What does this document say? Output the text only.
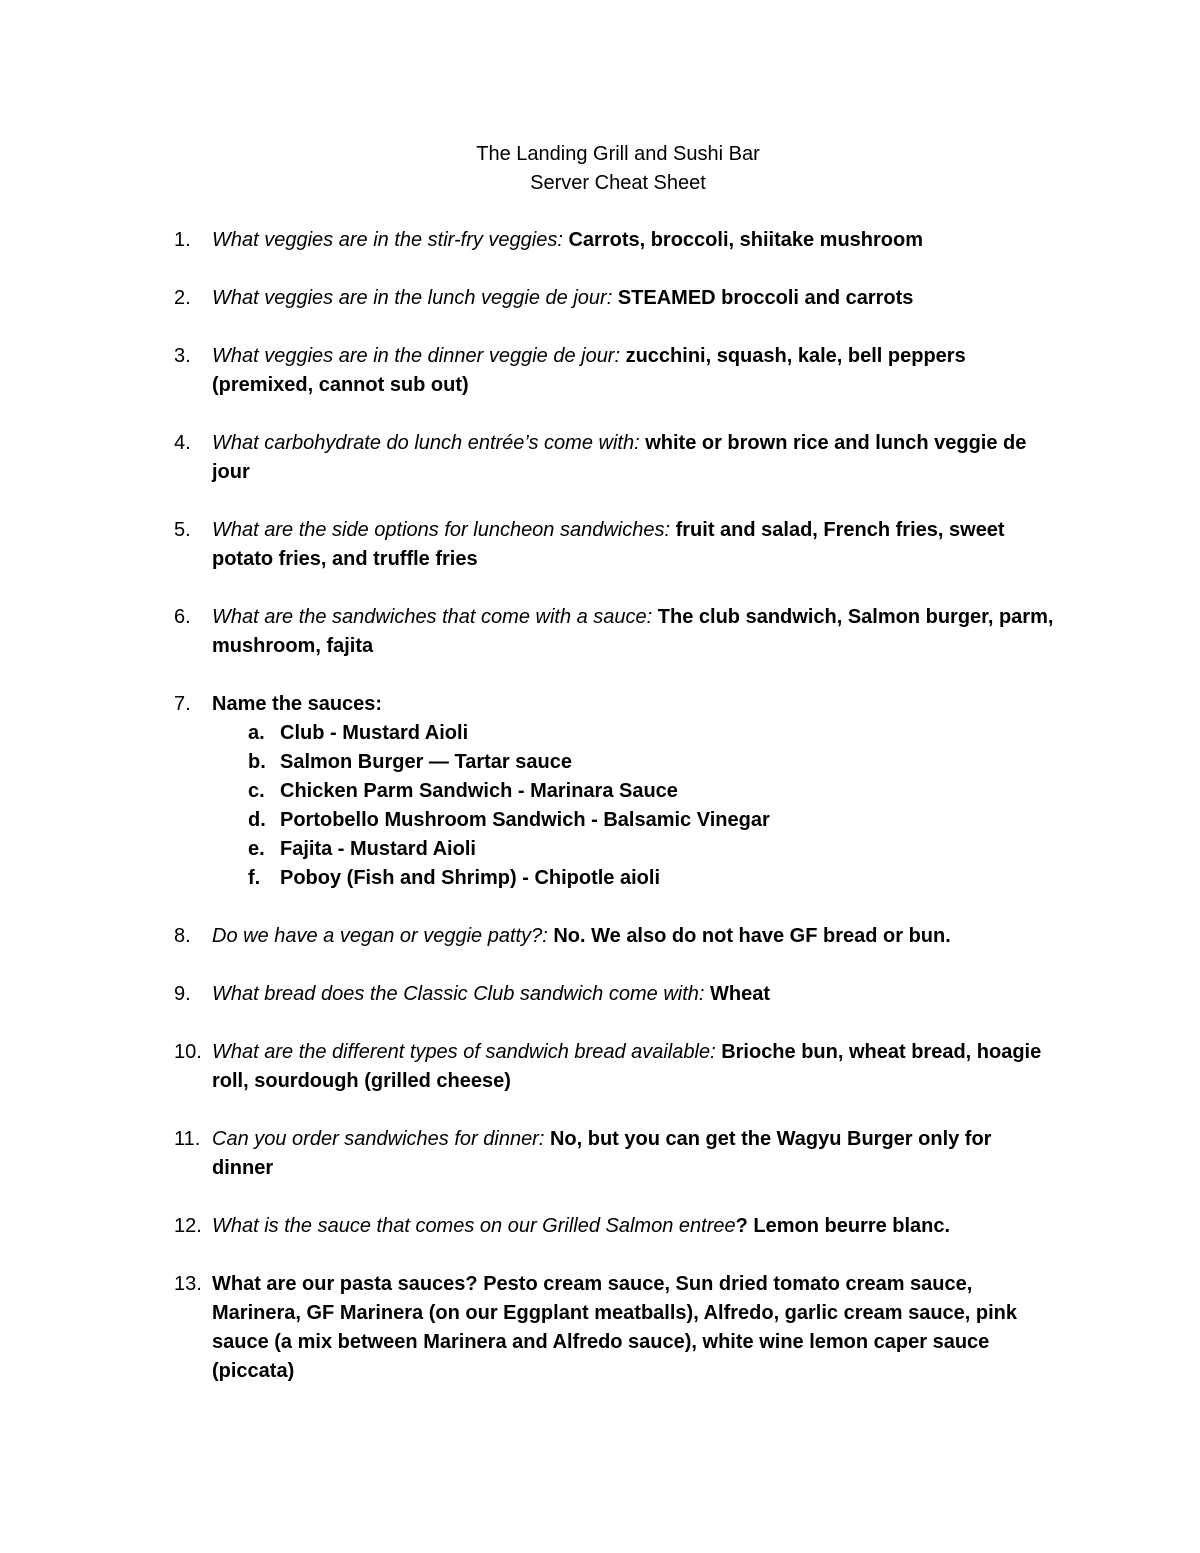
The Landing Grill and Sushi Bar
Server Cheat Sheet
1. What veggies are in the stir-fry veggies: Carrots, broccoli, shiitake mushroom
2. What veggies are in the lunch veggie de jour: STEAMED broccoli and carrots
3. What veggies are in the dinner veggie de jour: zucchini, squash, kale, bell peppers (premixed, cannot sub out)
4. What carbohydrate do lunch entrée’s come with: white or brown rice and lunch veggie de jour
5. What are the side options for luncheon sandwiches: fruit and salad, French fries, sweet potato fries, and truffle fries
6. What are the sandwiches that come with a sauce: The club sandwich, Salmon burger, parm, mushroom, fajita
7. Name the sauces:
a. Club - Mustard Aioli
b. Salmon Burger — Tartar sauce
c. Chicken Parm Sandwich - Marinara Sauce
d. Portobello Mushroom Sandwich - Balsamic Vinegar
e. Fajita - Mustard Aioli
f. Poboy (Fish and Shrimp) - Chipotle aioli
8. Do we have a vegan or veggie patty?: No. We also do not have GF bread or bun.
9. What bread does the Classic Club sandwich come with: Wheat
10. What are the different types of sandwich bread available: Brioche bun, wheat bread, hoagie roll, sourdough (grilled cheese)
11. Can you order sandwiches for dinner: No, but you can get the Wagyu Burger only for dinner
12. What is the sauce that comes on our Grilled Salmon entree? Lemon beurre blanc.
13. What are our pasta sauces? Pesto cream sauce, Sun dried tomato cream sauce, Marinera, GF Marinera (on our Eggplant meatballs), Alfredo, garlic cream sauce, pink sauce (a mix between Marinera and Alfredo sauce), white wine lemon caper sauce (piccata)
